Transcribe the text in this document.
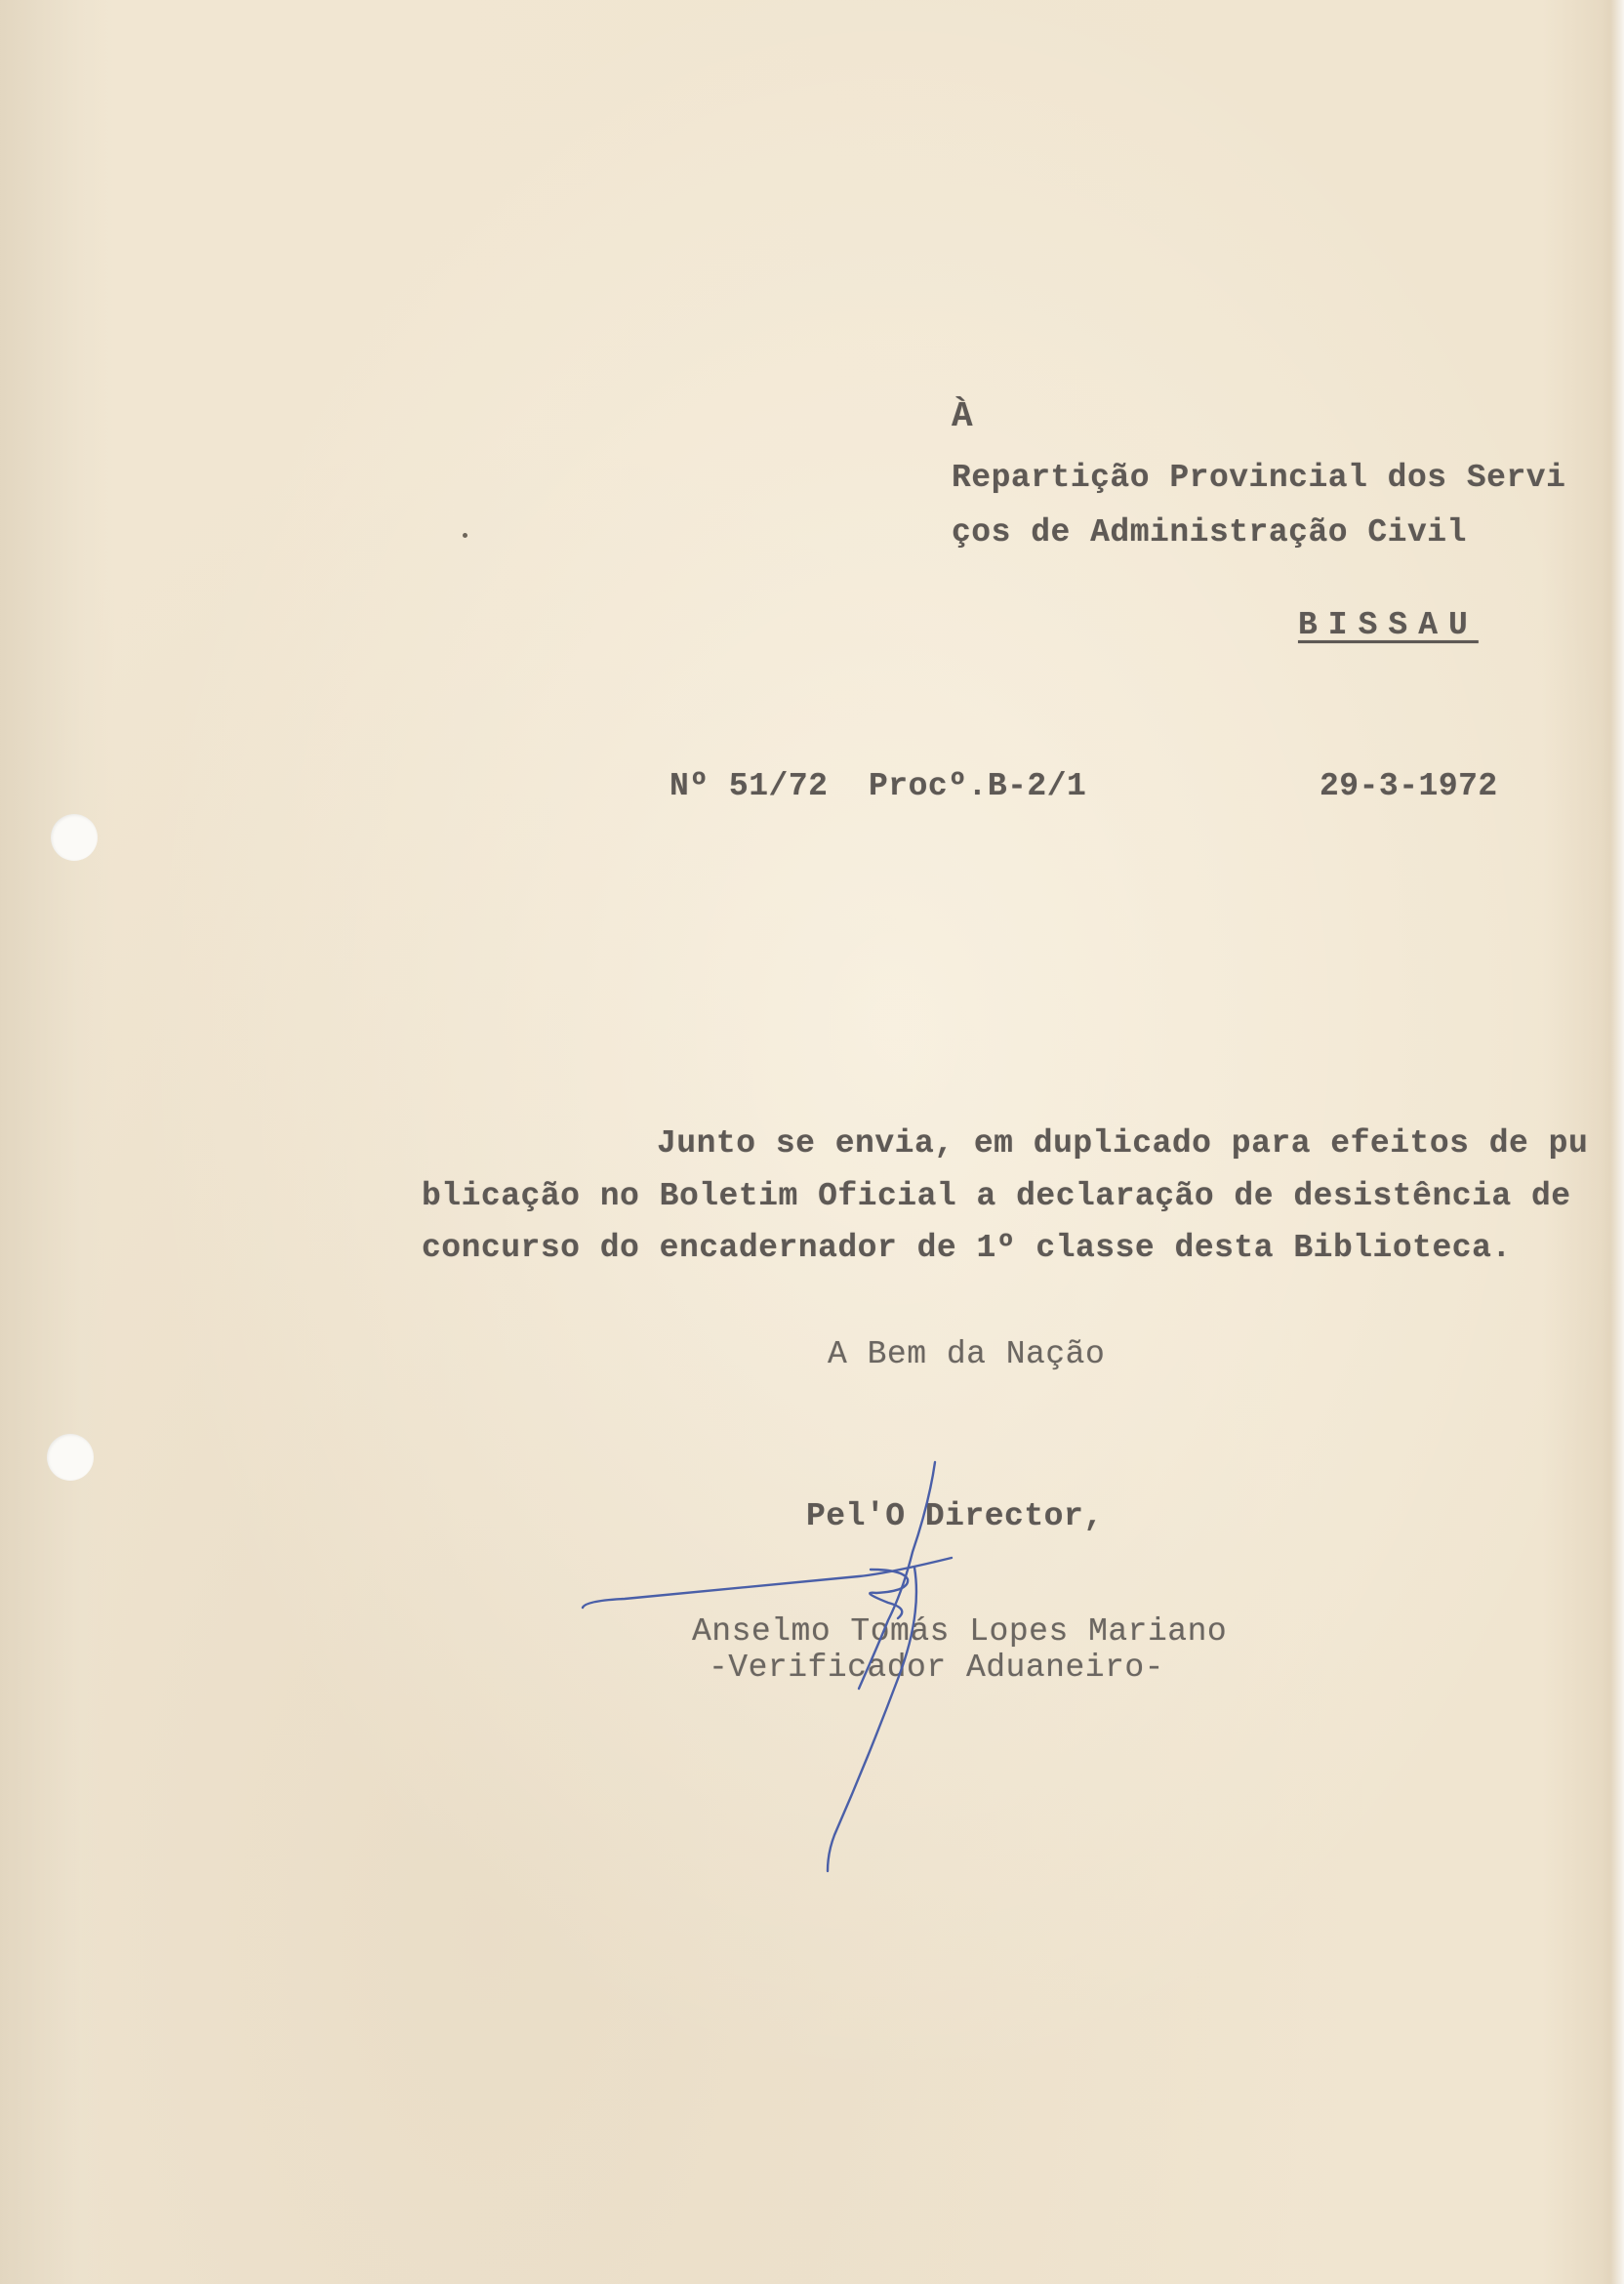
À
Repartição Provincial dos Servi
ços de Administração Civil
BISSAU
Nº 51/72 Procº.B-2/1	29-3-1972
Junto se envia, em duplicado para efeitos de pu
blicação no Boletim Oficial a declaração de desistência de
concurso do encadernador de 1º classe desta Biblioteca.
A Bem da Nação
Pel'O Director,
Anselmo Tomás Lopes Mariano
-Verificador Aduaneiro-
